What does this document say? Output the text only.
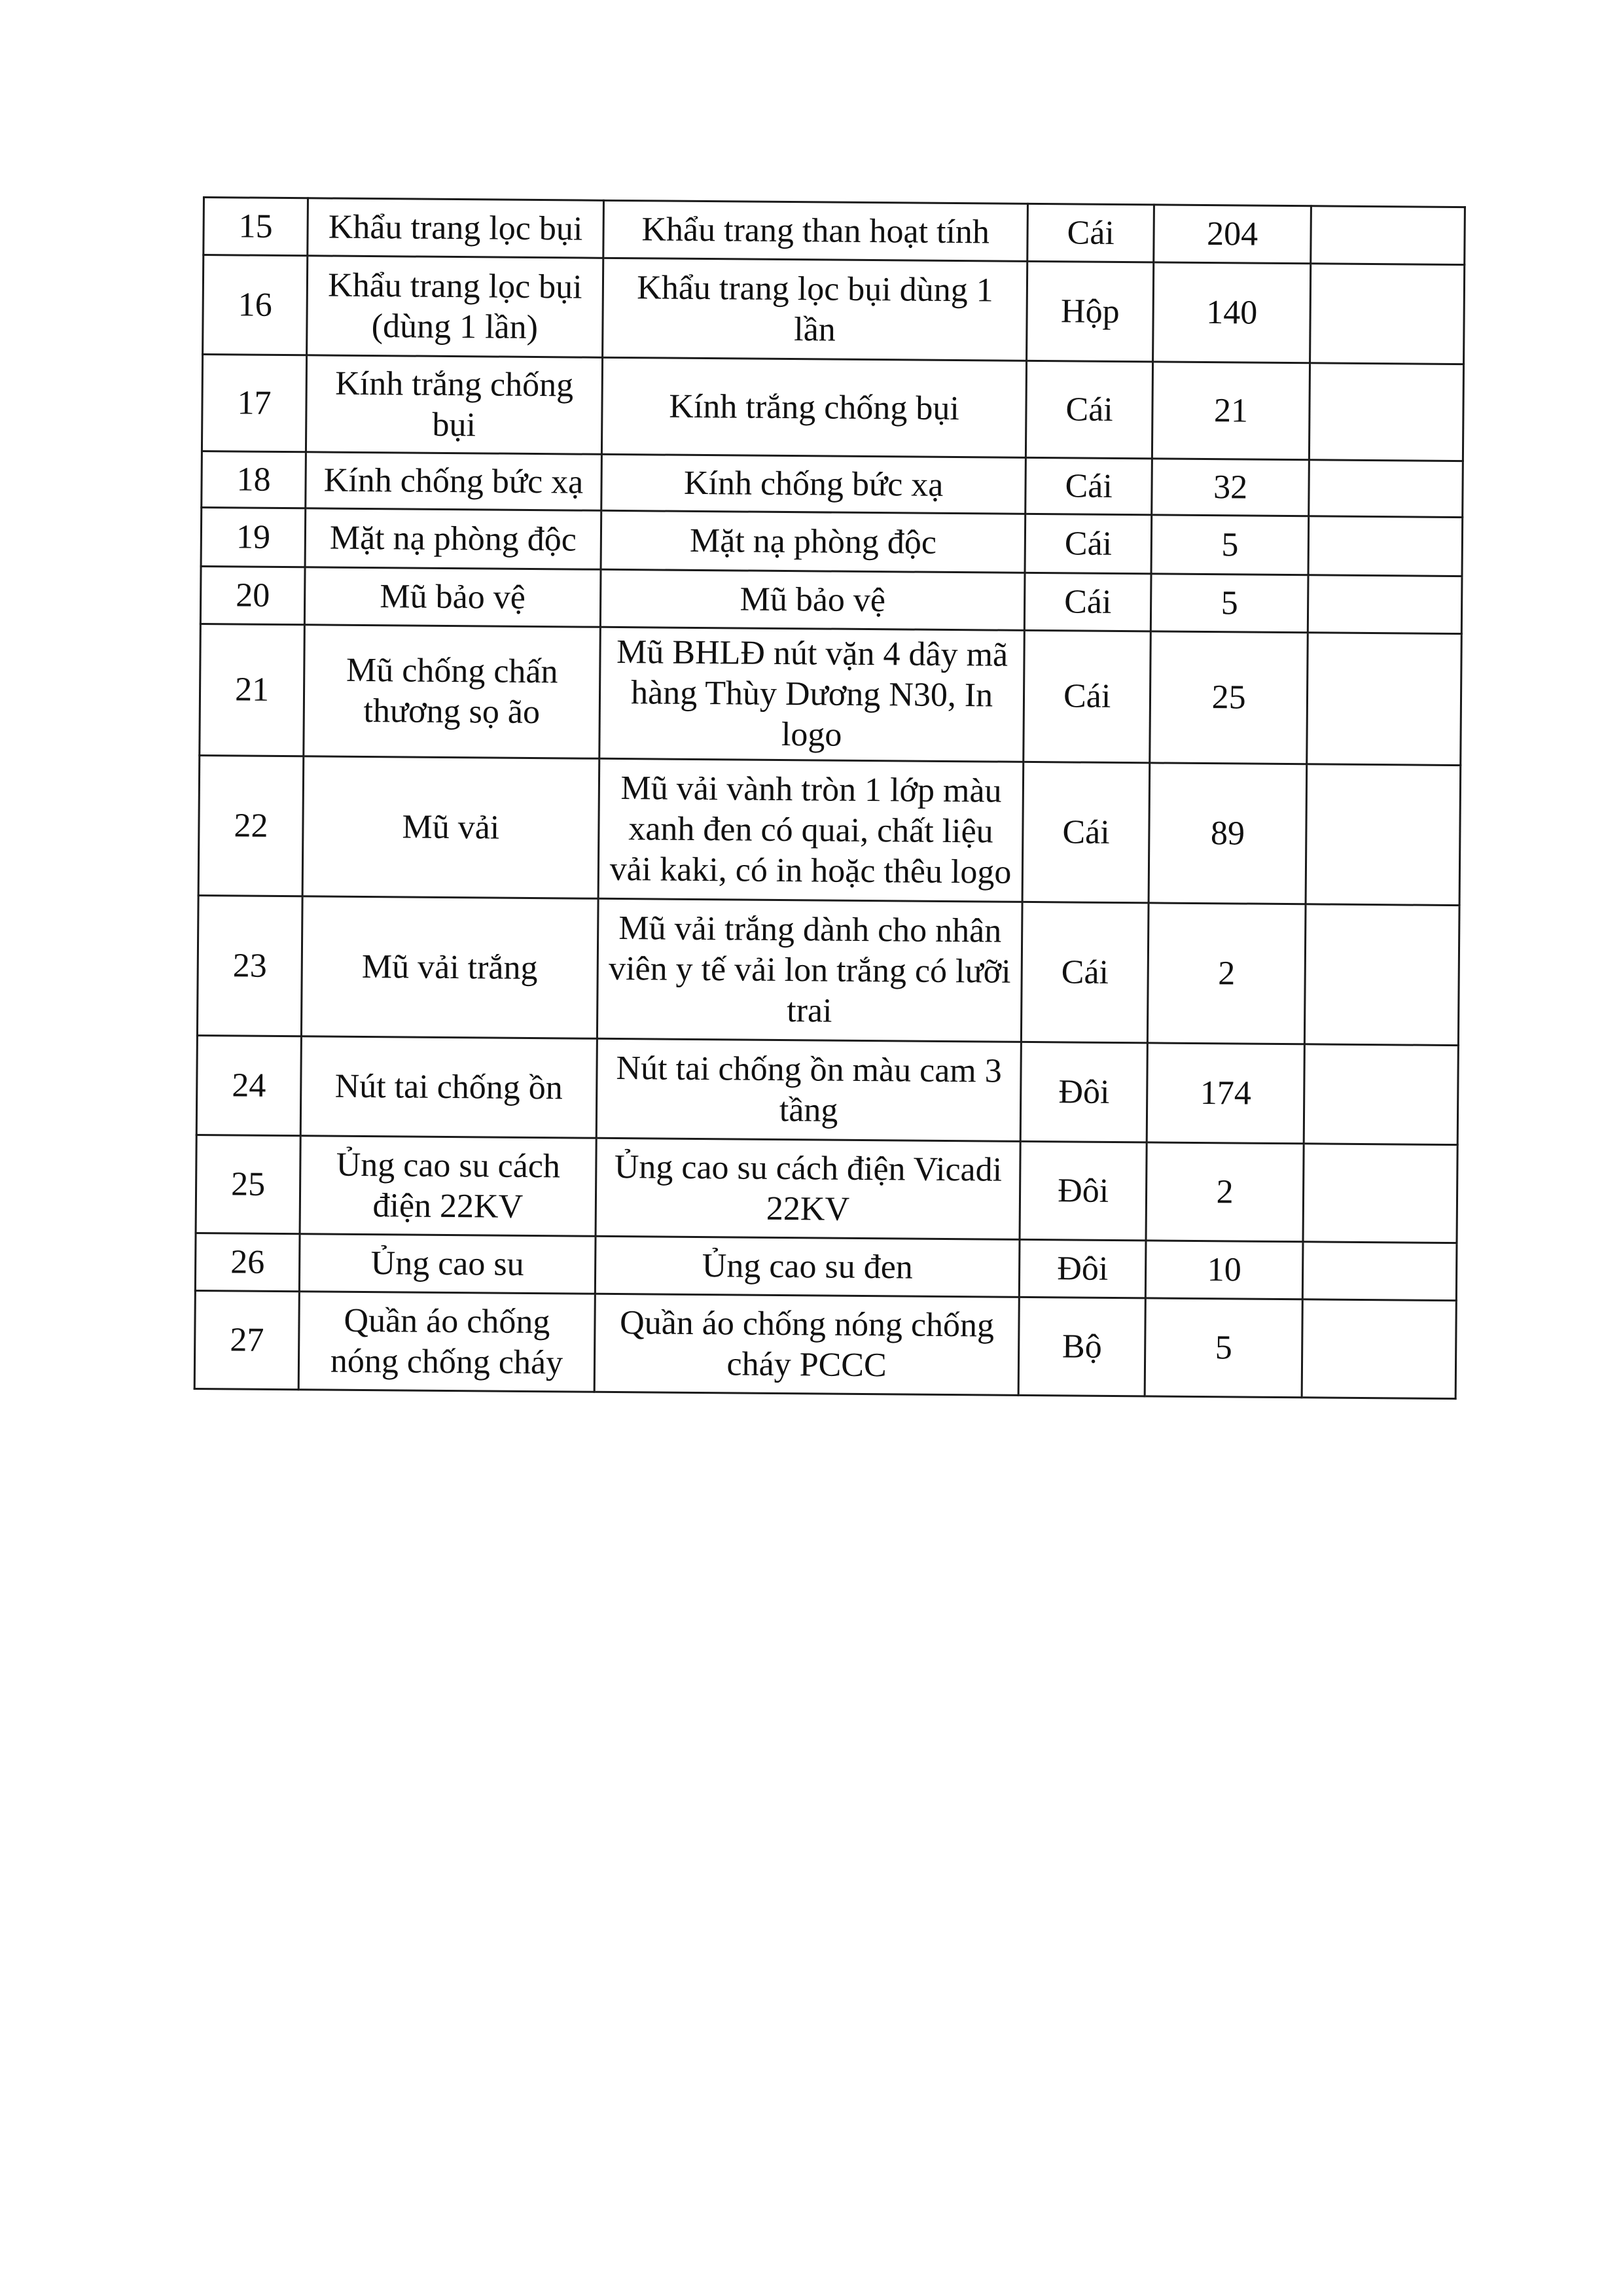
15	Khẩu trang lọc bụi	Khẩu trang than hoạt tính	Cái	204	
16	Khẩu trang lọc bụi (dùng 1 lần)	Khẩu trang lọc bụi dùng 1 lần	Hộp	140	
17	Kính trắng chống bụi	Kính trắng chống bụi	Cái	21	
18	Kính chống bức xạ	Kính chống bức xạ	Cái	32	
19	Mặt nạ phòng độc	Mặt nạ phòng độc	Cái	5	
20	Mũ bảo vệ	Mũ bảo vệ	Cái	5	
21	Mũ chống chấn thương sọ ão	Mũ BHLĐ nút vặn 4 dây mã hàng Thùy Dương N30, In logo	Cái	25	
22	Mũ vải	Mũ vải vành tròn 1 lớp màu xanh đen có quai, chất liệu vải kaki, có in hoặc thêu logo	Cái	89	
23	Mũ vải trắng	Mũ vải trắng dành cho nhân viên y tế vải lon trắng có lưỡi trai	Cái	2	
24	Nút tai chống ồn	Nút tai chống ồn màu cam 3 tầng	Đôi	174	
25	Ủng cao su cách điện 22KV	Ủng cao su cách điện Vicadi 22KV	Đôi	2	
26	Ủng cao su	Ủng cao su đen	Đôi	10	
27	Quần áo chống nóng chống cháy	Quần áo chống nóng chống cháy PCCC	Bộ	5	
